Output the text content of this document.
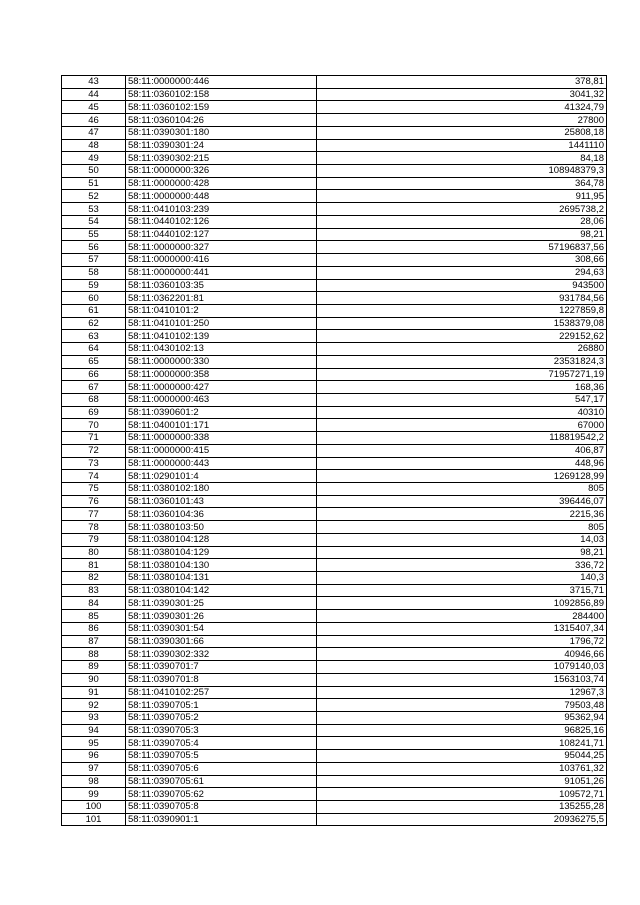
43	58:11:0000000:446	378,81
44	58:11:0360102:158	3041,32
45	58:11:0360102:159	41324,79
46	58:11:0360104:26	27800
47	58:11:0390301:180	25808,18
48	58:11:0390301:24	1441110
49	58:11:0390302:215	84,18
50	58:11:0000000:326	108948379,3
51	58:11:0000000:428	364,78
52	58:11:0000000:448	911,95
53	58:11:0410103:239	2695738,2
54	58:11:0440102:126	28,06
55	58:11:0440102:127	98,21
56	58:11:0000000:327	57196837,56
57	58:11:0000000:416	308,66
58	58:11:0000000:441	294,63
59	58:11:0360103:35	943500
60	58:11:0362201:81	931784,56
61	58:11:0410101:2	1227859,8
62	58:11:0410101:250	1538379,08
63	58:11:0410102:139	229152,62
64	58:11:0430102:13	26880
65	58:11:0000000:330	23531824,3
66	58:11:0000000:358	71957271,19
67	58:11:0000000:427	168,36
68	58:11:0000000:463	547,17
69	58:11:0390601:2	40310
70	58:11:0400101:171	67000
71	58:11:0000000:338	118819542,2
72	58:11:0000000:415	406,87
73	58:11:0000000:443	448,96
74	58:11:0290101:4	1269128,99
75	58:11:0380102:180	805
76	58:11:0360101:43	396446,07
77	58:11:0360104:36	2215,36
78	58:11:0380103:50	805
79	58:11:0380104:128	14,03
80	58:11:0380104:129	98,21
81	58:11:0380104:130	336,72
82	58:11:0380104:131	140,3
83	58:11:0380104:142	3715,71
84	58:11:0390301:25	1092856,89
85	58:11:0390301:26	284400
86	58:11:0390301:54	1315407,34
87	58:11:0390301:66	1796,72
88	58:11:0390302:332	40946,66
89	58:11:0390701:7	1079140,03
90	58:11:0390701:8	1563103,74
91	58:11:0410102:257	12967,3
92	58:11:0390705:1	79503,48
93	58:11:0390705:2	95362,94
94	58:11:0390705:3	96825,16
95	58:11:0390705:4	108241,71
96	58:11:0390705:5	95044,25
97	58:11:0390705:6	103761,32
98	58:11:0390705:61	91051,26
99	58:11:0390705:62	109572,71
100	58:11:0390705:8	135255,28
101	58:11:0390901:1	20936275,5
